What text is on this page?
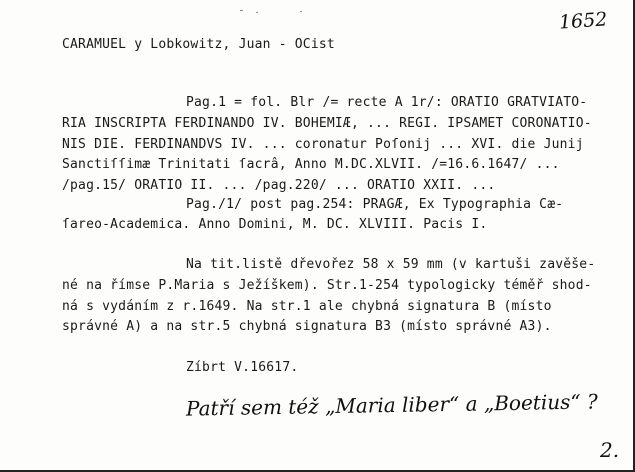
1652
CARAMUEL y Lobkowitz, Juan - OCist
Pag.1 = fol. Blr /= recte A 1r/: ORATIO GRATVIATO-
RIA INSCRIPTA FERDINANDO IV. BOHEMIÆ, ... REGI. IPSAMET CORONATIO-
NIS DIE. FERDINANDVS IV. ... coronatur Poſonij ... XVI. die Junij
Sanctiſſimæ Trinitati ſacrâ, Anno M.DC.XLVII. /=16.6.1647/ ...
/pag.15/ ORATIO II. ... /pag.220/ ... ORATIO XXII. ...
Pag./1/ post pag.254: PRAGÆ, Ex Typographia Cæ-
ſareo-Academica. Anno Domini, M. DC. XLVIII. Pacis I.
Na tit.listě dřevořez 58 x 59 mm (v kartuši zavěše-
né na římse P.Maria s Ježíškem). Str.1-254 typologicky téměř shod-
ná s vydáním z r.1649. Na str.1 ale chybná signatura B (místo
správné A) a na str.5 chybná signatura B3 (místo správné A3).
Zíbrt V.16617.
Patří sem též „Maria liber“ a „Boetius“ ?
2.
